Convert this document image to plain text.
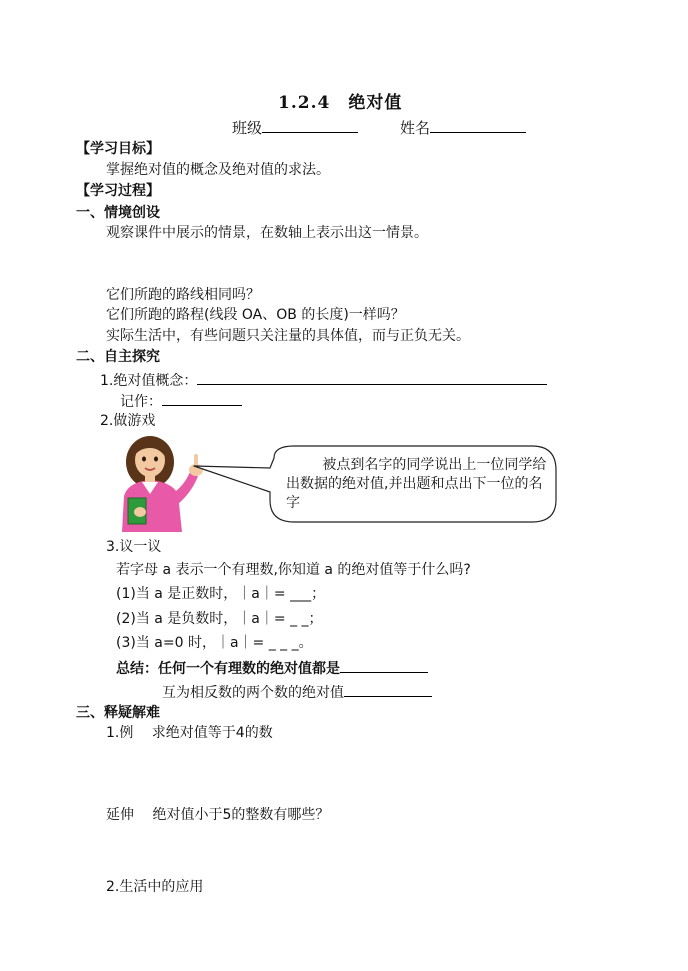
1.2.4　绝对值
班级	姓名
【学习目标】
掌握绝对值的概念及绝对值的求法。
【学习过程】
一、情境创设
观察课件中展示的情景，在数轴上表示出这一情景。
它们所跑的路线相同吗？
它们所跑的路程(线段 OA、OB 的长度)一样吗？
实际生活中，有些问题只关注量的具体值，而与正负无关。
二、自主探究
1.绝对值概念：
记作：
2.做游戏
被点到名字的同学说出上一位同学给出数据的绝对值,并出题和点出下一位的名字
3.议一议
若字母 a 表示一个有理数,你知道 a 的绝对值等于什么吗?
(1)当 a 是正数时，｜a｜= ___；
(2)当 a 是负数时，｜a｜= _ _；
(3)当 a=0 时，｜a｜= _ _ _。
总结：任何一个有理数的绝对值都是
互为相反数的两个数的绝对值
三、释疑解难
1.例　 求绝对值等于4的数
延伸　 绝对值小于5的整数有哪些？
2.生活中的应用
